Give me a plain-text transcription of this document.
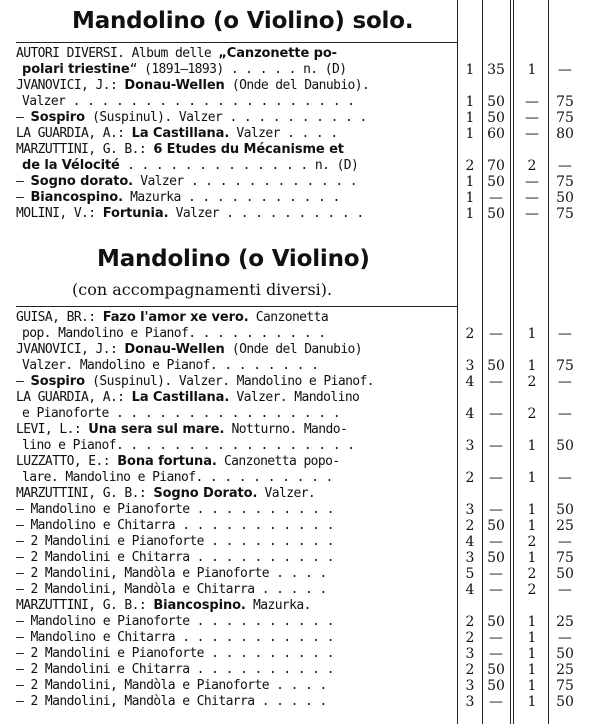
Mandolino (o Violino) solo.
AUTORI DIVERSI. Album delle „Canzonette po-
polari triestine“ (1891—1893) . . . . . n. (D)	1 35	1	—
JVANOVICI, J.: Donau-Wellen (Onde del Danubio).
Valzer . . . . . . . . . . . . . . . . . . . .	1 50	—	75
— Sospiro (Suspinul). Valzer . . . . . . . . . .	1 50	—	75
LA GUARDIA, A.: La Castillana. Valzer . . . .	1 60	—	80
MARZUTTINI, G. B.: 6 Etudes du Mécanisme et
de la Vélocité . . . . . . . . . . . . . n. (D)	2 70	2	—
— Sogno dorato. Valzer . . . . . . . . . . . .	1 50	—	75
— Biancospino. Mazurka . . . . . . . . . . .	1	—	—	50
MOLINI, V.: Fortunia. Valzer . . . . . . . . . .	1 50	—	75
Mandolino (o Violino)
(con accompagnamenti diversi).
GUISA, BR.: Fazo l'amor xe vero. Canzonetta
pop. Mandolino e Pianof. . . . . . . . . .	2	—	1	—
JVANOVICI, J.: Donau-Wellen (Onde del Danubio)
Valzer. Mandolino e Pianof. . . . . . . .	3 50	1	75
— Sospiro (Suspinul). Valzer. Mandolino e Pianof.	4	—	2	—
LA GUARDIA, A.: La Castillana. Valzer. Mandolino
e Pianoforte . . . . . . . . . . . . . . . .	4	—	2	—
LEVI, L.: Una sera sul mare. Notturno. Mando-
lino e Pianof. . . . . . . . . . . . . . . . .	3	—	1	50
LUZZATTO, E.: Bona fortuna. Canzonetta popo-
lare. Mandolino e Pianof. . . . . . . . . .	2	—	1	—
MARZUTTINI, G. B.: Sogno Dorato. Valzer.
— Mandolino e Pianoforte . . . . . . . . . .	3	—	1	50
— Mandolino e Chitarra . . . . . . . . . . .	2 50	1	25
— 2 Mandolini e Pianoforte . . . . . . . . .	4	—	2	—
— 2 Mandolini e Chitarra . . . . . . . . . .	3 50	1	75
— 2 Mandolini, Mandòla e Pianoforte . . . .	5	—	2	50
— 2 Mandolini, Mandòla e Chitarra . . . . .	4	—	2	—
MARZUTTINI, G. B.: Biancospino. Mazurka.
— Mandolino e Pianoforte . . . . . . . . . .	2 50	1	25
— Mandolino e Chitarra . . . . . . . . . . .	2	—	1	—
— 2 Mandolini e Pianoforte . . . . . . . . .	3	—	1	50
— 2 Mandolini e Chitarra . . . . . . . . . .	2 50	1	25
— 2 Mandolini, Mandòla e Pianoforte . . . .	3 50	1	75
— 2 Mandolini, Mandòla e Chitarra . . . . .	3	—	1	50
